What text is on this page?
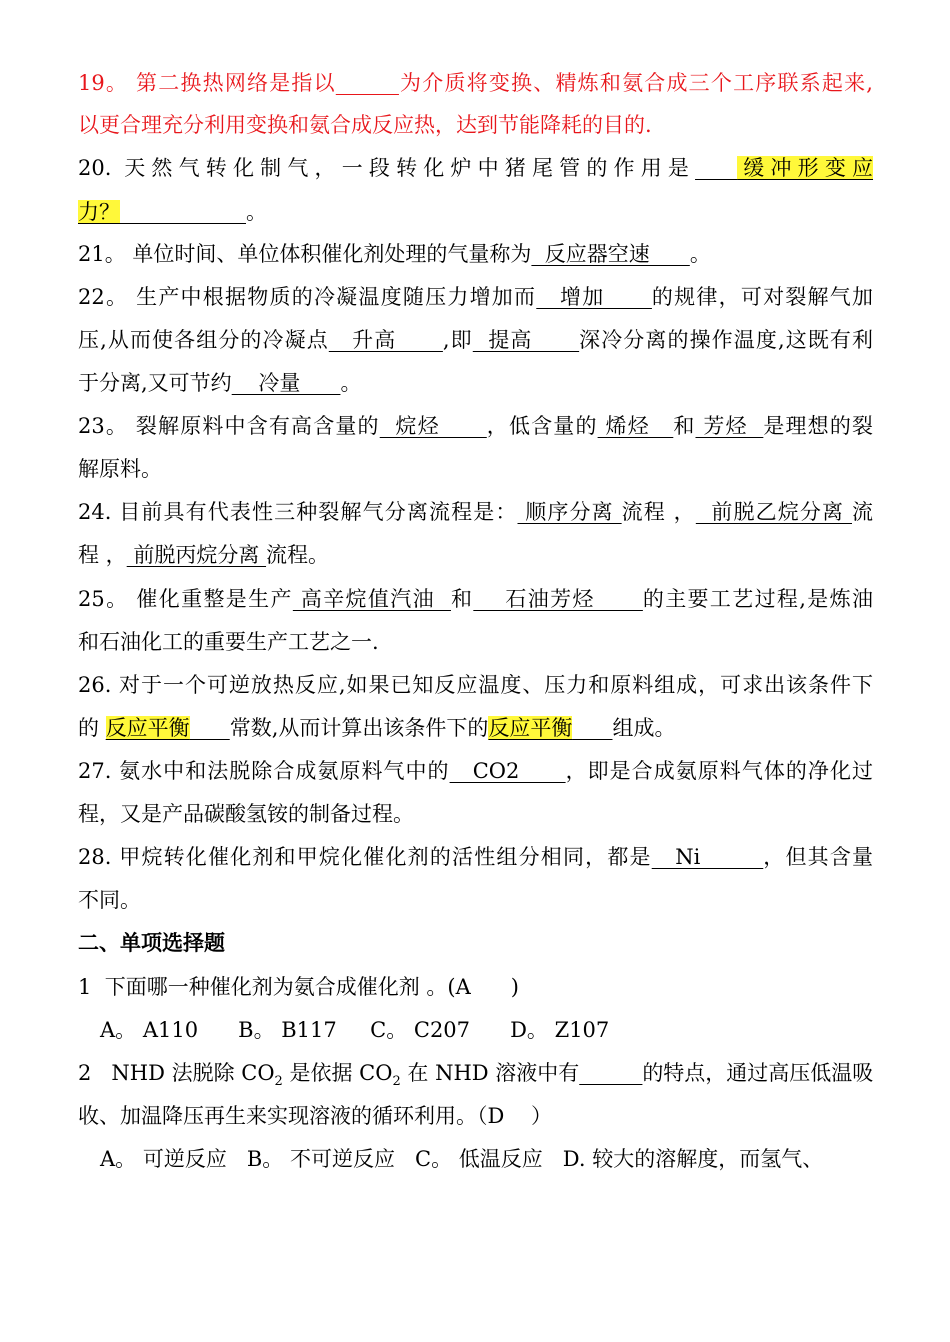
19。 第二换热网络是指以______为介质将变换、精炼和氨合成三个工序联系起来,
以更合理充分利用变换和氨合成反应热，达到节能降耗的目的.
20. 天然气转化制气，一段转化炉中猪尾管的作用是____缓冲形变应
力？____________。
21。 单位时间、单位体积催化剂处理的气量称为  反应器空速      。
22。 生产中根据物质的冷凝温度随压力增加而   增加      的规律，可对裂解气加
压,从而使各组分的冷凝点   升高      ,即  提高      深冷分离的操作温度,这既有利
于分离,又可节约    冷量      。
23。 裂解原料中含有高含量的  烷烃      ，低含量的 烯烃   和 芳烃  是理想的裂
解原料。
24. 目前具有代表性三种裂解气分离流程是： 顺序分离 流程 ，  前脱乙烷分离 流
程 ， 前脱丙烷分离 流程。
25。 催化重整是生产 高辛烷值汽油  和    石油芳烃      的主要工艺过程,是炼油
和石油化工的重要生产工艺之一.
26. 对于一个可逆放热反应,如果已知反应温度、压力和原料组成，可求出该条件下
的 反应平衡 常数,从而计算出该条件下的反应平衡 组成。
27. 氨水中和法脱除合成氨原料气中的   CO2      ，即是合成氨原料气体的净化过
程，又是产品碳酸氢铵的制备过程。
28. 甲烷转化催化剂和甲烷化催化剂的活性组分相同，都是   Ni        ，但其含量
不同。
二、单项选择题
1  下面哪一种催化剂为氨合成催化剂 。(A      )
A。 A110      B。 B117     C。 C207      D。 Z107
2   NHD 法脱除 $CO_2$ 是依据 $CO_2$ 在 NHD 溶液中有______的特点，通过高压低温吸
收、加温降压再生来实现溶液的循环利用。（D    ）
A。 可逆反应   B。 不可逆反应   C。 低温反应   D. 较大的溶解度，而氢气、
